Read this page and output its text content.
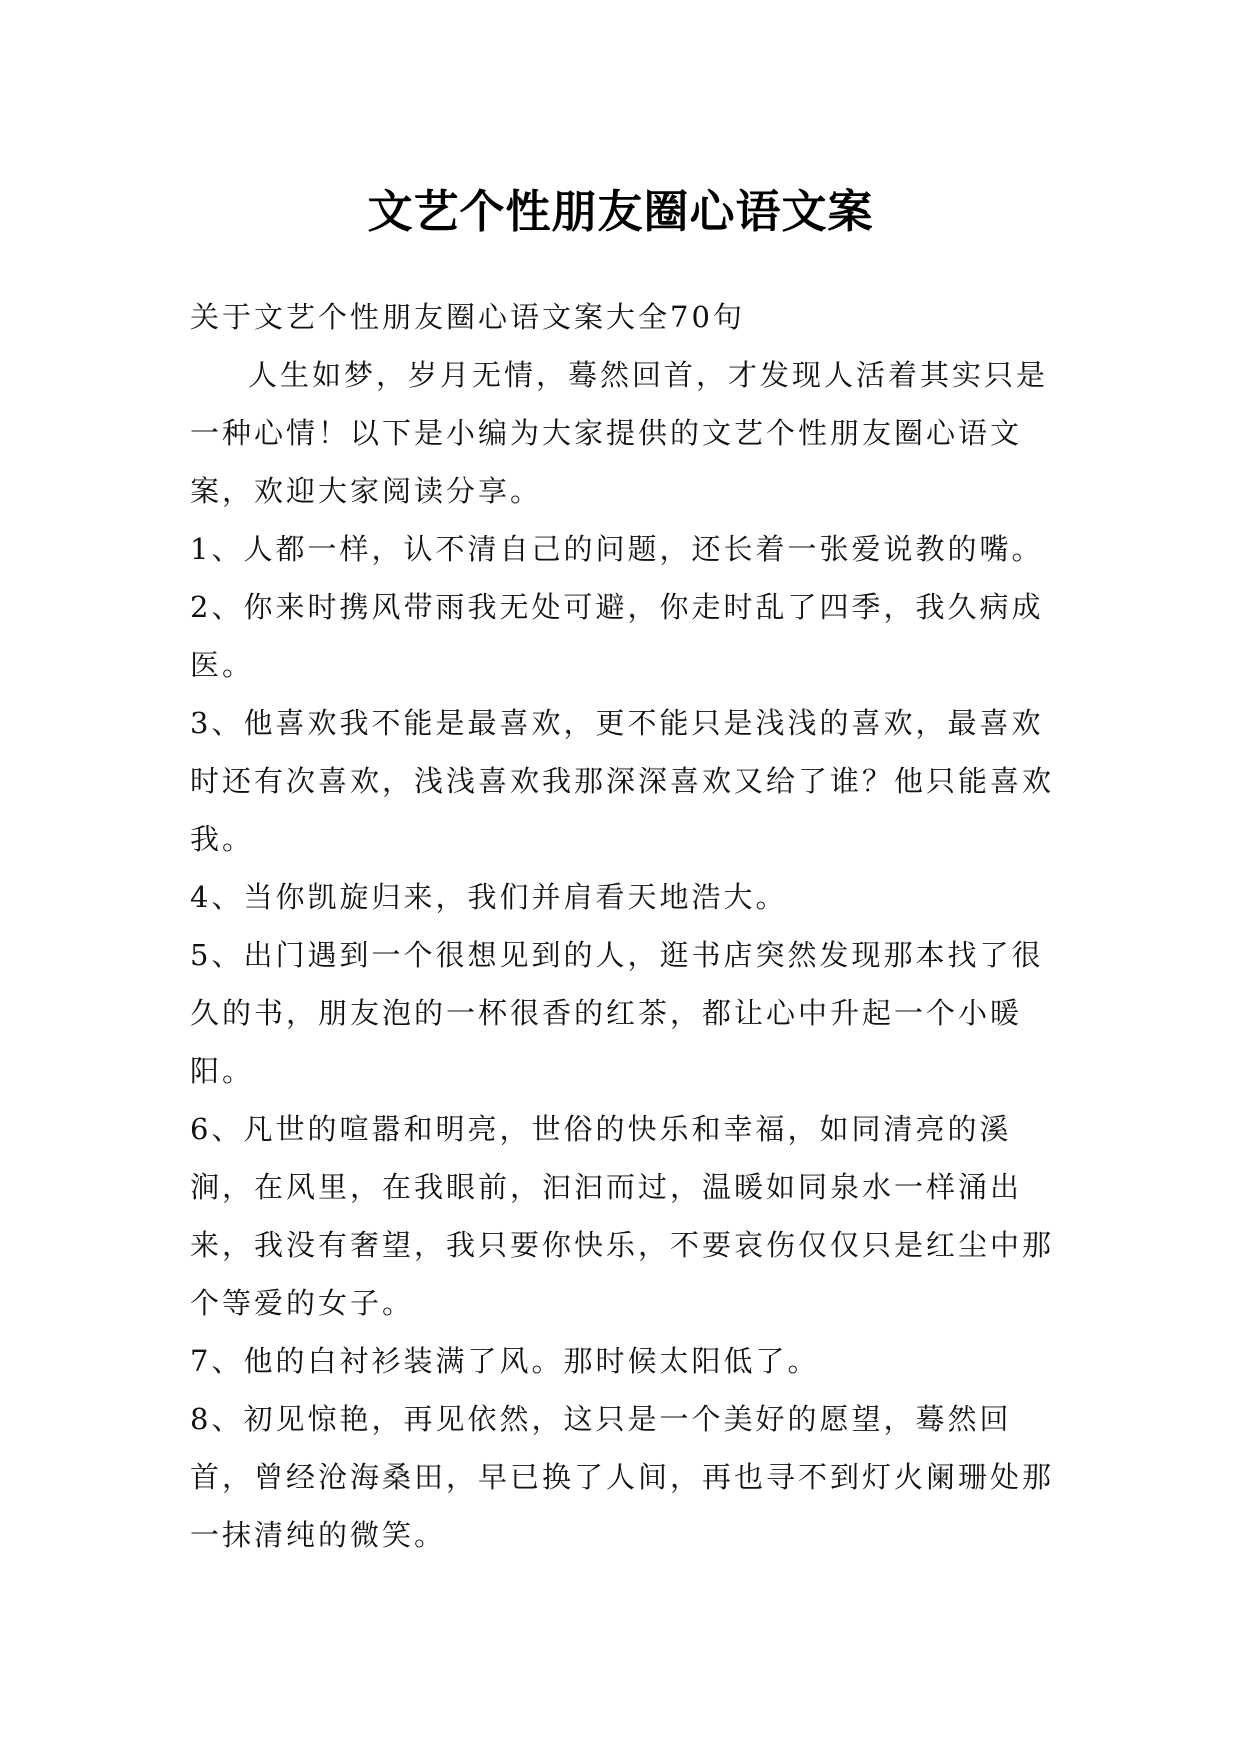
文艺个性朋友圈心语文案

关于文艺个性朋友圈心语文案大全70句

人生如梦，岁月无情，蓦然回首，才发现人活着其实只是一种心情！以下是小编为大家提供的文艺个性朋友圈心语文案，欢迎大家阅读分享。

1、人都一样，认不清自己的问题，还长着一张爱说教的嘴。

2、你来时携风带雨我无处可避，你走时乱了四季，我久病成医。

3、他喜欢我不能是最喜欢，更不能只是浅浅的喜欢，最喜欢时还有次喜欢，浅浅喜欢我那深深喜欢又给了谁？他只能喜欢我。

4、当你凯旋归来，我们并肩看天地浩大。

5、出门遇到一个很想见到的人，逛书店突然发现那本找了很久的书，朋友泡的一杯很香的红茶，都让心中升起一个小暖阳。

6、凡世的喧嚣和明亮，世俗的快乐和幸福，如同清亮的溪涧，在风里，在我眼前，汩汩而过，温暖如同泉水一样涌出来，我没有奢望，我只要你快乐，不要哀伤仅仅只是红尘中那个等爱的女子。

7、他的白衬衫装满了风。那时候太阳低了。

8、初见惊艳，再见依然，这只是一个美好的愿望，蓦然回首，曾经沧海桑田，早已换了人间，再也寻不到灯火阑珊处那一抹清纯的微笑。
